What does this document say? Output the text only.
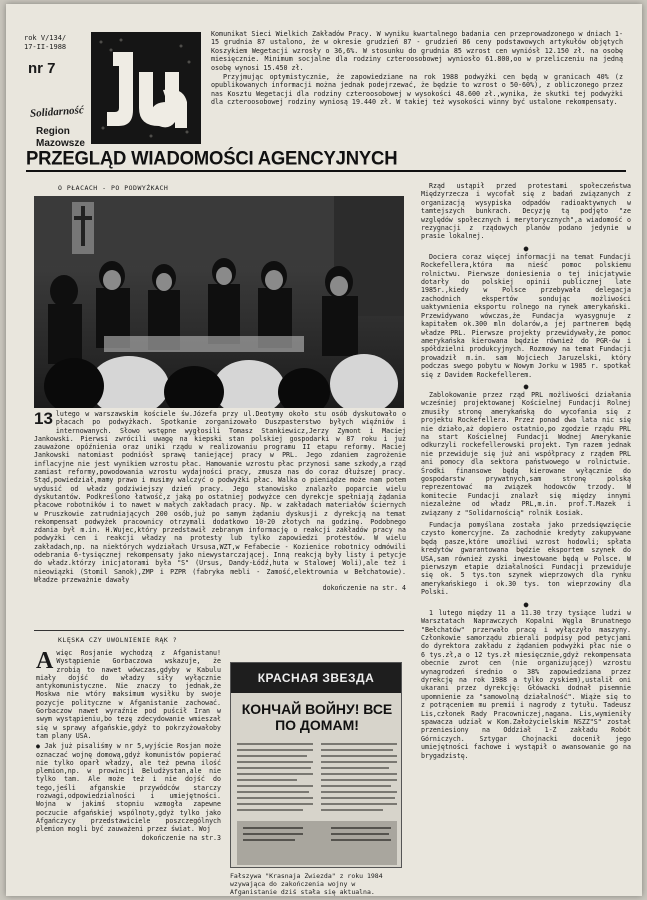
rok V/134/
17-II-1988
nr 7
Solidarność
Region
Mazowsze

Komunikat Sieci Wielkich Zakładów Pracy. W wyniku kwartalnego badania cen przeprowadzonego w dniach 1-15 grudnia 87 ustalono, że w okresie grudzień 87 - grudzień 86 ceny podstawowych artykułów objętych Koszykiem Wegetacji wzrosły o 36,6%. W stosunku do grudnia 85 wzrost cen wyniósł 12.150 zł. na osobę miesięcznie. Minimum socjalne dla rodziny czteroosobowej wyniosło 61.800,oo w przeliczeniu na jedną osobę wynosi 15.450 zł.

Przyjmując optymistycznie, że zapowiedziane na rok 1988 podwyżki cen będą w granicach 40% (z opublikowanych informacji można jednak podejrzewać, że będzie to wzrost o 50-60%), z obliczonego przez nas Kosztu Wegetacji dla rodziny czteroosobowej w wysokości 48.600 zł.,wynika, że skutki tej podwyżki dla czteroosobowej rodziny wyniosą 19.440 zł. W takiej też wysokości winny być ustalone rekompensaty.

PRZEGLĄD WIADOMOŚCI AGENCYJNYCH
O PŁACACH - PO PODWYŻKACH
13 lutego w warszawskim kościele św.Józefa przy ul.Deotymy około stu osób dyskutowało o płacach po podwyżkach. Spotkanie zorganizowało Duszpasterstwo byłych więźniów i internowanych. Słowo wstępne wygłosili Tomasz Stankiewicz,Jerzy Zymont i Maciej Jankowski. Pierwsi zwrócili uwagę na kiepski stan polskiej gospodarki w 87 roku i już zauważone opóźnienia oraz uniki rządu w realizowaniu programu II etapu reformy. Maciej Jankowski natomiast podniósł sprawę taniejącej pracy w PRL. Jego zdaniem zagrożenie inflacyjne nie jest wynikiem wzrostu płac. Hamowanie wzrostu płac przynosi same szkody,a rząd zamiast reformy,powodowania wzrostu wydajności pracy, zmusza nas do coraz dłuższej pracy. Stąd,powiedział,mamy prawo i musimy walczyć o podwyżki płac. Walka o pieniądze może nam potem wydusić od władz godziwiejszy dzień pracy. Jego stanowisko znalazło poparcie wielu dyskutantów. Podkreślono łatwość,z jaką po ostatniej podwyżce cen dyrekcje spełniają żądania płacowe robotników i to nawet w małych zakładach pracy. Np. w zakładach materiałów ściernych w Pruszkowie zatrudniających 200 osób,już po samym żądaniu dyskusji z dyrekcją na temat rekompensat podwyżek pracownicy otrzymali dodatkowo 10-20 złotych na godzinę. Podobnego zdania był m.in. H.Wujec,który przedstawił zebranym informację o reakcji zakładów pracy na podwyżki cen i reakcji władzy na protesty lub tylko zapowiedzi protestów. W wielu zakładach,np. na niektórych wydziałach Ursusa,WZT,w Fefabecie - Kozienice robotnicy odmówili odebrania 6-tysięcznej rekompensaty jako niewystarczającej. Inną reakcją były listy i petycje do władz.którzy inicjatorami była "S" (Ursus, Dandy-Łódź,huta w Stalowej Woli),ale też i nieowiązki (Stomil Sanok),ZMP i PZPR (fabryka mebli - Zamość,elektrownia w Bełchatowie). Władze przeważnie dawały
dokończenie na str. 4

Rząd ustąpił przed protestami społeczeństwa Międzyrzecza i wycofał się z badań związanych z organizacją wysypiska odpadów radioaktywnych w tamtejszych bunkrach. Decyzję tą podjęto "ze względów społecznych i merytorycznych",a wiadomość o rezygnacji z rządowych planów podano jedynie w prasie lokalnej.

●

Dociera coraz więcej informacji na temat Fundacji Rockefellera,która ma nieść pomoc polskiemu rolnictwu. Pierwsze doniesienia o tej inicjatywie dotarły do polskiej opinii publicznej late 1985r.,kiedy w Polsce przebywała delegacja zachodnich ekspertów sondując możliwości uaktywnienia eksportu rolnego na rynek amerykański. Przewidywano wówczas,że Fundacja wyasygnuje z kapitałem ok.300 mln dolarów,a jej partnerem będą władze PRL. Pierwsze projekty przewidywały,że pomoc amerykańska kierowana będzie również do PGR-ów i spółdzielni produkcyjnych. Rozmowy na temat Fundacji prowadził m.in. sam Wojciech Jaruzelski, który podczas swego pobytu w Nowym Jorku w 1985 r. spotkał się z Davidem Rockefellerem.

●

Zablokowanie przez rząd PRL możliwości działania wcześniej projektowanej Kościelnej Fundacji Rolnej zmusiły stronę amerykańską do wycofania się z projektu Rockefellera. Przez ponad dwa lata nic się nie działo,aż dopiero ostatnio,po zgodzie rządu PRL na start Kościelnej Fundacji Wodnej Amerykanie odkurzyli rockefellerowski projekt. Tym razem jednak nie przewiduje się już ani współpracy z rządem PRL ani pomocy dla sektora państwowego w rolnictwie. Środki finansowe będą kierowane wyłącznie do gospodarstw prywatnych,sam stronę polską reprezentować ma związek hodowców trzody. W komitecie Fundacji znalazł się między innymi niezależne od władz PRL,m.in. prof.T.Mazek i związany z "Solidarnością" rolnik Łosiak.

Fundacja pomyślana została jako przedsięwzięcie czysto komercyjne. Za zachodnie kredyty zakupywane będą pasze,które umożliwi wzrost hodowli; spłata kredytów gwarantowana będzie eksportem szynek do USA,sam również zyski inwestowane będą w Polsce. W pierwszym etapie działalności Fundacji przewiduje się ok. 5 tys.ton szynek wieprzowych dla rynku amerykańskiego i ok.30 tys. ton wieprzowiny dla Polski.

●

1 lutego między 11 a 11.30 trzy tysiące ludzi w Warsztatach Naprawczych Kopalni Węgla Brunatnego "Bełchatów" przerwało pracę i wyłączyło maszyny. Członkowie samorządu zbierali podpisy pod petycjami do dyrektora zakładu z żądaniem podwyżki płac nie o 6 tys.zł,a o 12 tys.zł miesięcznie,gdyż rekompensata obecnie zwrot cen (nie organizującej) wzrostu wynagrodzeń średnio o 38% zapowiedziana przez dyrekcję na rok 1988 a tylko zyskiem),ustalił oni ukarani przez dyrekcję: Główacki dodnał pisemnie upomnienie za "samowolną działalność". Wiąże się to z potrąceniem mu premii i nagrody z tytułu. Tadeusz Lis,członek Rady Pracowniczej,nagana. Lis,wymieniły spawacza udział w Kom.Założycielskim NSZZ"S" został przeniesiony na Oddział 1-Z zakładu Robót Górniczych. Sztygar Chojnacki docenił jego umiejętności fachowe i wystąpił o awansowanie go na brygadzistę.

KLĘSKA CZY UWOLNIENIE RĄK ?
A więc Rosjanie wychodzą z Afganistanu! Wystąpienie Gorbaczowa wskazuje, że zrobią to nawet wówczas,gdyby w Kabulu miały dojść do władzy siły wyłącznie antykomunistyczne. Nie znaczy to jednak,że Moskwa nie wtóry maksimum wysiłku by swoje pozycje polityczne w Afganistanie zachować. Gorbaczow nawet wyraźnie pod puścił Iran w swym wystąpieniu,bo tezę zdecydowanie wmieszał się w sprawy afgańskie,gdyż to pokrzyżowałoby tam plany USA.
● Jak już pisaliśmy w nr 5,wyjście Rosjan może oznaczać wojnę domową,gdyż komunistów popierać nie tylko oparł władzy, ale też pewna ilość plemion,np. w prowincji Beludżystan,ale nie tylko tam. Ale może też i nie dojść do tego,jeśli afganskie przywódców starczy rozwagi,odpowiedzialności i umiejętności. Wojna w jakimś stopniu wzmogła zapewne poczucie afgańskiej wspólnoty,gdyż tylko jako Afgańczycy przedstawiciele poszczególnych plemion mogli być zauważeni przez świat. Woj
dokończenie na str.3
КРАСНАЯ ЗВЕЗДА
КОНЧАЙ ВОЙНУ! ВСЕ ПО ДОМАМ!
Fałszywa "Krasnaja Zwiezda" z roku 1984 wzywająca do zakończenia wojny w Afganistanie dziś stała się aktualna.
